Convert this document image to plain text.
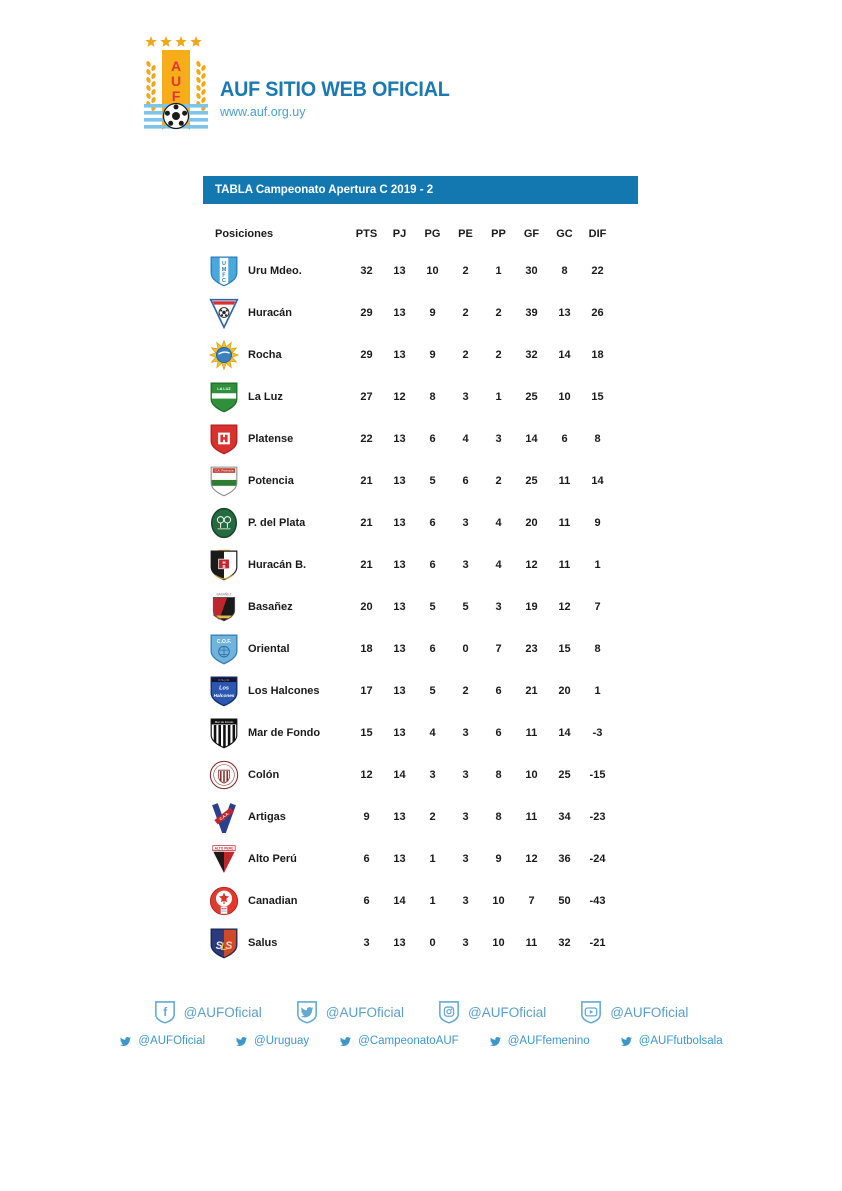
A
U
F AUF SITIO WEB OFICIAL
www.auf.org.uy
TABLA Campeonato Apertura C 2019 - 2
Posiciones	PTS	PJ	PG	PE	PP	GF	GC	DIF
U
M
F
C
Uru Mdeo.	32	13	10	2	1	30	8	22
Huracán	29	13	9	2	2	39	13	26
Rocha	29	13	9	2	2	32	14	18
LA LUZ
La Luz	27	12	8	3	1	25	10	15
Platense	22	13	6	4	3	14	6	8
C.A. Potencia
Potencia	21	13	5	6	2	25	11	14
P. del Plata	21	13	6	3	4	20	11	9
H
B Huracán B.	21	13	6	3	4	12	11	1
BASAÑEZ
Basañez	20	13	5	5	3	19	12	7
C.O.F.
Oriental	18	13	6	0	7	23	15	8
C.S.y D.
Los
Halcones Los Halcones	17	13	5	2	6	21	20	1
Mar de Fondo
Mar de Fondo	15	13	4	3	6	11	14	-3
Colón	12	14	3	3	8	10	25	-15
C.A.A. Artigas	9	13	2	3	8	11	34	-23
ALTO PERÚ
Alto Perú	6	13	1	3	9	12	36	-24
Canadian	6	14	1	3	10	7	50	-43
S
L
S Salus	3	13	0	3	10	11	32	-21
f @AUFOficial	@AUFOficial	@AUFOficial	@AUFOficial
@AUFOficial	@Uruguay	@CampeonatoAUF	@AUFfemenino	@AUFfutbolsala
